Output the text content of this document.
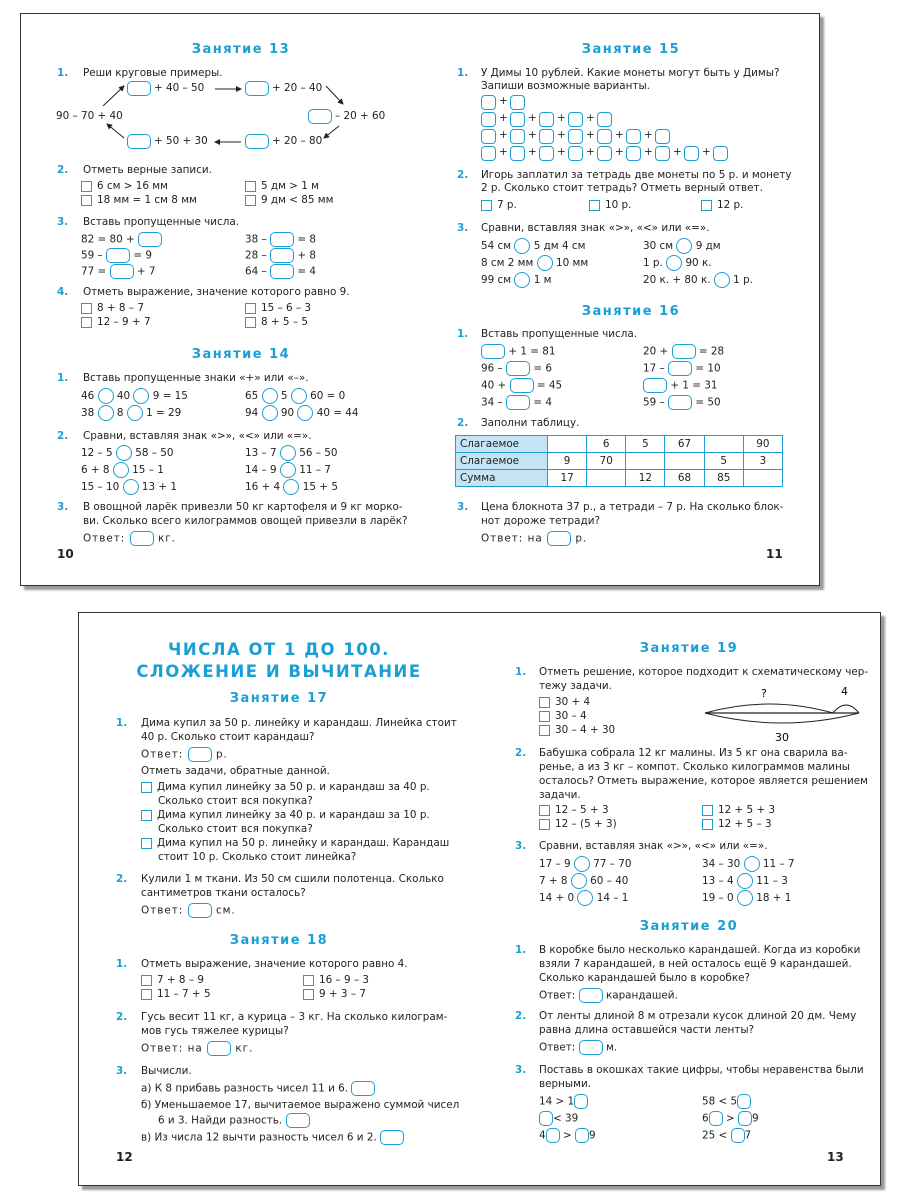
Занятие 13
1. Реши круговые примеры.
+ 40 – 50	+ 20 – 40
90 – 70 + 40	– 20 + 60
+ 50 + 30	+ 20 – 80
2. Отметь верные записи.
6 см > 16 мм
18 мм = 1 см 8 мм
5 дм > 1 м
9 дм < 85 мм
3. Вставь пропущенные числа.
82 = 80 +
59 –	= 9
77 =	+ 7
38 –	= 8
28 –	+ 8
64 –	= 4
4. Отметь выражение, значение которого равно 9.
8 + 8 – 7
12 – 9 + 7
15 – 6 – 3
8 + 5 – 5
Занятие 14
1. Вставь пропущенные знаки «+» или «–».
46 40 9 = 15
38 8 1 = 29
65 5 60 = 0
94 90 40 = 44
2. Сравни, вставляя знак «>», «<» или «=».
12 – 5 58 – 50
6 + 8 15 – 1
15 – 10 13 + 1
13 – 7 56 – 50
14 – 9 11 – 7
16 + 4 15 + 5
3. В овощной ларёк привезли 50 кг картофеля и 9 кг морко-
ви. Сколько всего килограммов овощей привезли в ларёк?
Ответ:	кг.
10
Занятие 15
1. У Димы 10 рублей. Какие монеты могут быть у Димы?
Запиши возможные варианты.
+
+ + + +
+ + + + + +
+ + + + + + + +
2. Игорь заплатил за тетрадь две монеты по 5 р. и монету
2 р. Сколько стоит тетрадь? Отметь верный ответ.
7 р.	10 р.	12 р.
3. Сравни, вставляя знак «>», «<» или «=».
54 см 5 дм 4 см
8 см 2 мм 10 мм
99 см 1 м
30 см 9 дм
1 р. 90 к.
20 к. + 80 к. 1 р.
Занятие 16
1. Вставь пропущенные числа.
+ 1 = 81
96 –	= 6
40 +	= 45
34 –	= 4
20 +	= 28
17 –	= 10
+ 1 = 31
59 –	= 50
2. Заполни таблицу.
Слагаемое		6	5	67		90
Слагаемое	9	70			5	3
Сумма	17		12	68	85	
3. Цена блокнота 37 р., а тетради – 7 р. На сколько блок-
нот дороже тетради?
Ответ: на	р.
11
ЧИСЛА ОТ 1 ДО 100.
СЛОЖЕНИЕ И ВЫЧИТАНИЕ
Занятие 17
1. Дима купил за 50 р. линейку и карандаш. Линейка стоит
40 р. Сколько стоит карандаш?
Ответ:	р.
Отметь задачи, обратные данной.
Дима купил линейку за 50 р. и карандаш за 40 р.
Сколько стоит вся покупка?
Дима купил линейку за 40 р. и карандаш за 10 р.
Сколько стоит вся покупка?
Дима купил на 50 р. линейку и карандаш. Карандаш
стоит 10 р. Сколько стоит линейка?
2. Кулили 1 м ткани. Из 50 см сшили полотенца. Сколько
сантиметров ткани осталось?
Ответ:	см.
Занятие 18
1. Отметь выражение, значение которого равно 4.
7 + 8 – 9
11 – 7 + 5
16 – 9 – 3
9 + 3 – 7
2. Гусь весит 11 кг, а курица – 3 кг. На сколько килограм-
мов гусь тяжелее курицы?
Ответ: на	кг.
3. Вычисли.
а) К 8 прибавь разность чисел 11 и 6.
б) Уменьшаемое 17, вычитаемое выражено суммой чисел
6 и 3. Найди разность.
в) Из числа 12 вычти разность чисел 6 и 2.
12
Занятие 19
1. Отметь решение, которое подходит к схематическому чер-
тежу задачи.
30 + 4
30 – 4
30 – 4 + 30
?	4
30
2. Бабушка собрала 12 кг малины. Из 5 кг она сварила ва-
ренье, а из 3 кг – компот. Сколько килограммов малины
осталось? Отметь выражение, которое является решением
задачи.
12 – 5 + 3
12 – (5 + 3)
12 + 5 + 3
12 + 5 – 3
3. Сравни, вставляя знак «>», «<» или «=».
17 – 9 77 – 70
7 + 8 60 – 40
14 + 0 14 – 1
34 – 30 11 – 7
13 – 4 11 – 3
19 – 0 18 + 1
Занятие 20
1. В коробке было несколько карандашей. Когда из коробки
взяли 7 карандашей, в ней осталось ещё 9 карандашей.
Сколько карандашей было в коробке?
Ответ:	карандашей.
2. От ленты длиной 8 м отрезали кусок длиной 20 дм. Чему
равна длина оставшейся части ленты?
Ответ:	м.
3. Поставь в окошках такие цифры, чтобы неравенства были
верными.
14 > 1
< 39
4 > 9
58 < 5
6 > 9
25 < 7
13
